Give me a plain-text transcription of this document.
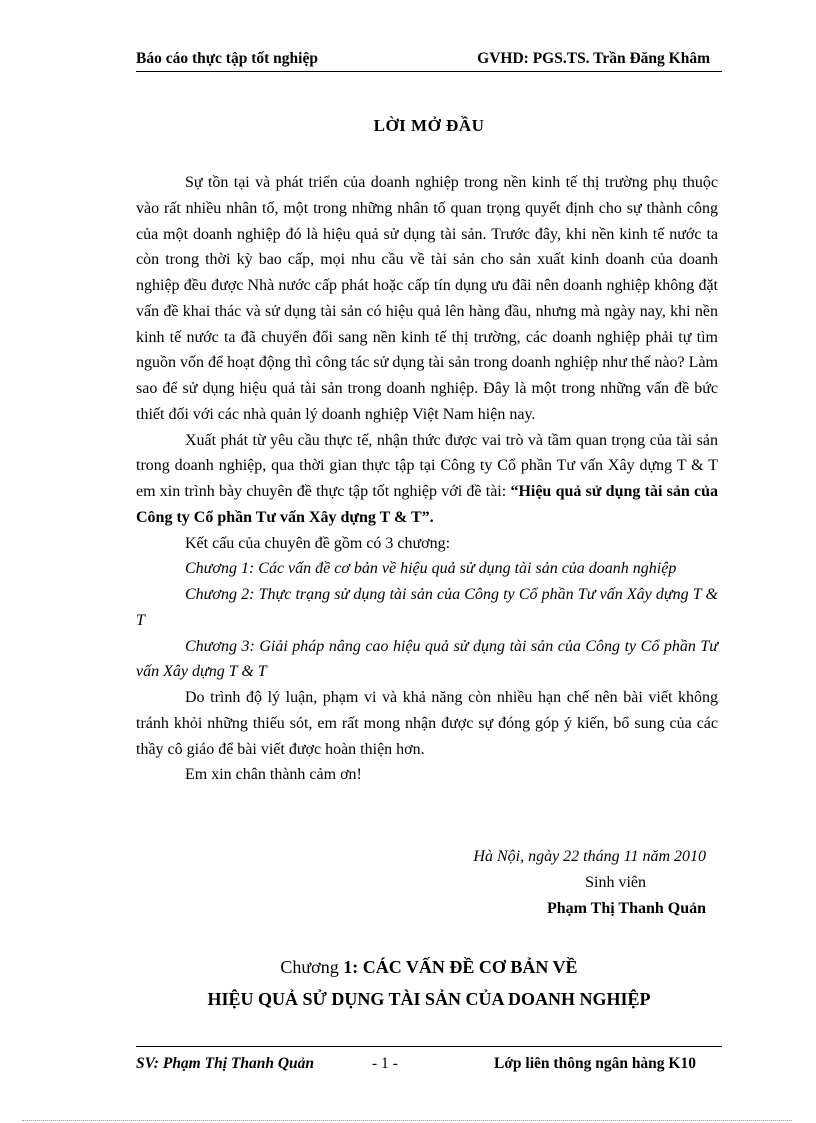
Báo cáo thực tập tốt nghiệp	GVHD: PGS.TS. Trần Đăng Khâm
LỜI MỞ ĐẦU

Sự tồn tại và phát triển của doanh nghiệp trong nền kinh tế thị trường phụ thuộc vào rất nhiều nhân tố, một trong những nhân tố quan trọng quyết định cho sự thành công của một doanh nghiệp đó là hiệu quả sử dụng tài sản. Trước đây, khi nền kinh tế nước ta còn trong thời kỳ bao cấp, mọi nhu cầu về tài sản cho sản xuất kinh doanh của doanh nghiệp đều được Nhà nước cấp phát hoặc cấp tín dụng ưu đãi nên doanh nghiệp không đặt vấn đề khai thác và sử dụng tài sản có hiệu quả lên hàng đầu, nhưng mà ngày nay, khi nền kinh tế nước ta đã chuyển đổi sang nền kinh tế thị trường, các doanh nghiệp phải tự tìm nguồn vốn để hoạt động thì công tác sử dụng tài sản trong doanh nghiệp như thế nào? Làm sao để sử dụng hiệu quả tài sản trong doanh nghiệp. Đây là một trong những vấn đề bức thiết đối với các nhà quản lý doanh nghiệp Việt Nam hiện nay.

Xuất phát từ yêu cầu thực tế, nhận thức được vai trò và tầm quan trọng của tài sản trong doanh nghiệp, qua thời gian thực tập tại Công ty Cổ phần Tư vấn Xây dựng T & T em xin trình bày chuyên đề thực tập tốt nghiệp với đề tài: “Hiệu quả sử dụng tài sản của Công ty Cổ phần Tư vấn Xây dựng T & T”.

Kết cấu của chuyên đề gồm có 3 chương:

Chương 1: Các vấn đề cơ bản về hiệu quả sử dụng tài sản của doanh nghiệp

Chương 2: Thực trạng sử dụng tài sản của Công ty Cổ phần Tư vấn Xây dựng T & T

Chương 3: Giải pháp nâng cao hiệu quả sử dụng tài sản của Công ty Cổ phần Tư vấn Xây dựng T & T

Do trình độ lý luận, phạm vi và khả năng còn nhiều hạn chế nên bài viết không tránh khỏi những thiếu sót, em rất mong nhận được sự đóng góp ý kiến, bổ sung của các thầy cô giáo để bài viết được hoàn thiện hơn.

Em xin chân thành cảm ơn!

Hà Nội, ngày 22 tháng 11 năm 2010
Sinh viên
Phạm Thị Thanh Quản
Chương 1: CÁC VẤN ĐỀ CƠ BẢN VỀ
HIỆU QUẢ SỬ DỤNG TÀI SẢN CỦA DOANH NGHIỆP
SV: Phạm Thị Thanh Quản	- 1 -	Lớp liên thông ngân hàng K10
